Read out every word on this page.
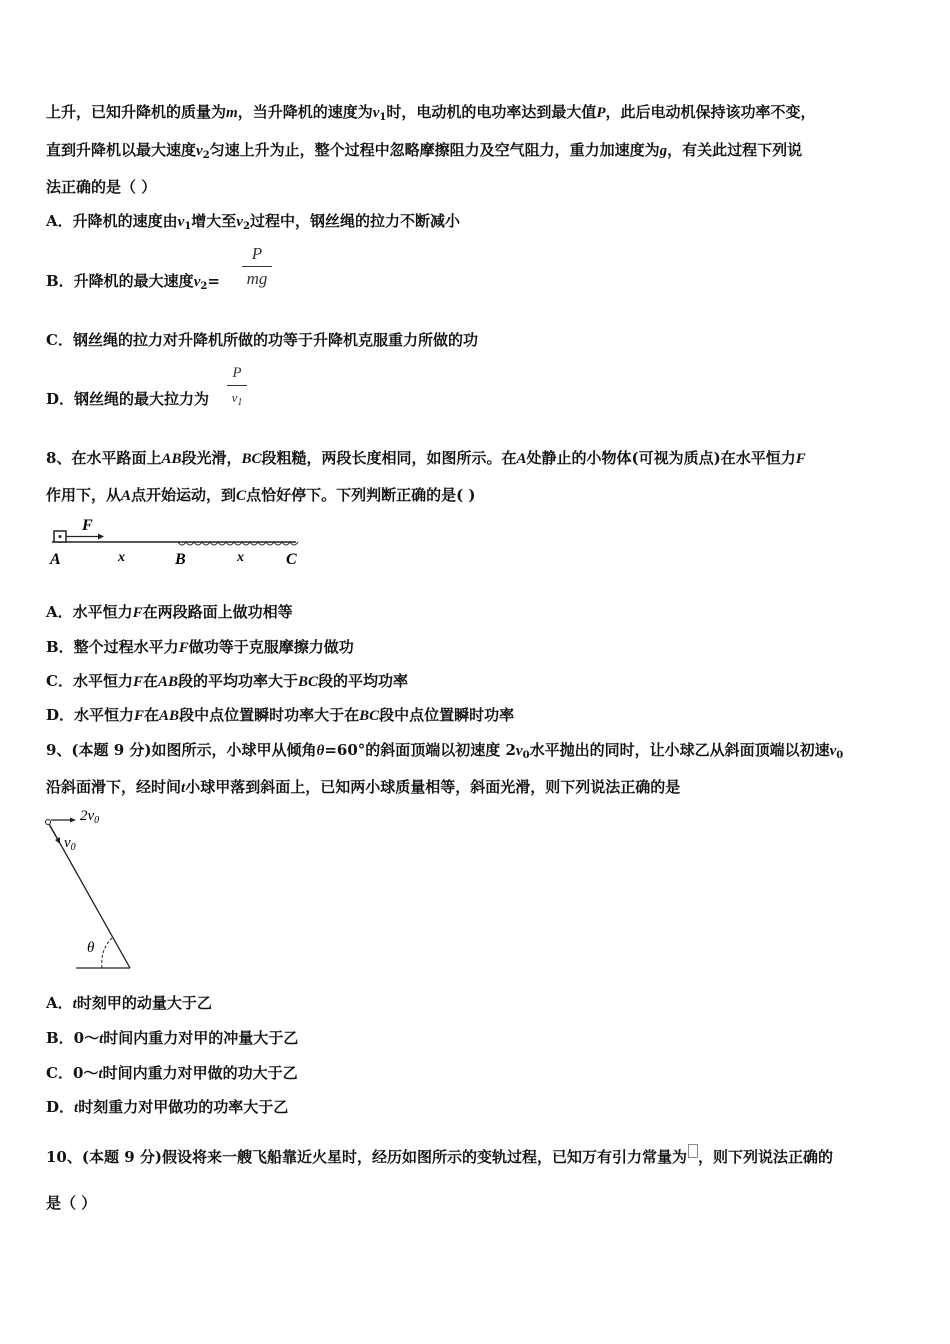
上升，已知升降机的质量为m，当升降机的速度为$v_1$时，电动机的电功率达到最大值P，此后电动机保持该功率不变，
直到升降机以最大速度$v_2$匀速上升为止，整个过程中忽略摩擦阻力及空气阻力，重力加速度为g，有关此过程下列说
法正确的是（ ）
A．升降机的速度由$v_1$增大至$v_2$过程中，钢丝绳的拉力不断减小
B．升降机的最大速度$v_2=$
P
mg
C．钢丝绳的拉力对升降机所做的功等于升降机克服重力所做的功
D．钢丝绳的最大拉力为
P
$v_1$
8、在水平路面上AB段光滑，BC段粗糙，两段长度相同，如图所示。在A处静止的小物体(可视为质点)在水平恒力F
作用下，从A点开始运动，到C点恰好停下。下列判断正确的是( )
F
A	x	B	x	C
A．水平恒力F在两段路面上做功相等
B．整个过程水平力F做功等于克服摩擦力做功
C．水平恒力F在AB段的平均功率大于BC段的平均功率
D．水平恒力F在AB段中点位置瞬时功率大于在BC段中点位置瞬时功率
9、(本题 9 分)如图所示，小球甲从倾角θ=60°的斜面顶端以初速度 $2v_0$水平抛出的同时，让小球乙从斜面顶端以初速$v_0$
沿斜面滑下，经时间t小球甲落到斜面上，已知两小球质量相等，斜面光滑，则下列说法正确的是
$2v_0$
$v_0$
θ
A．t时刻甲的动量大于乙
B．0～t时间内重力对甲的冲量大于乙
C．0～t时间内重力对甲做的功大于乙
D．t时刻重力对甲做功的功率大于乙
10、(本题 9 分)假设将来一艘飞船靠近火星时，经历如图所示的变轨过程，已知万有引力常量为 ，则下列说法正确的
是（ ）
